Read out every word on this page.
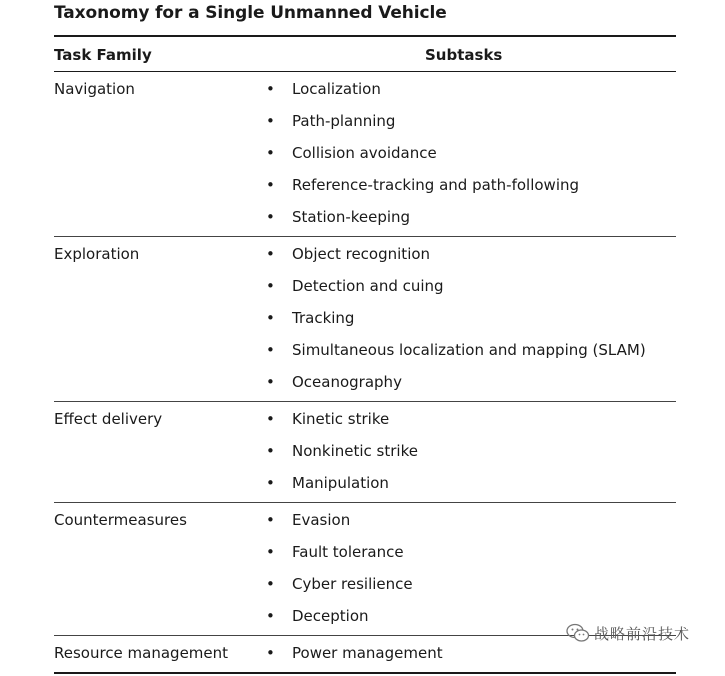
Taxonomy for a Single Unmanned Vehicle
Task Family	Subtasks
Navigation	• Localization
• Path-planning
• Collision avoidance
• Reference-tracking and path-following
• Station-keeping
Exploration	• Object recognition
• Detection and cuing
• Tracking
• Simultaneous localization and mapping (SLAM)
• Oceanography
Effect delivery	• Kinetic strike
• Nonkinetic strike
• Manipulation
Countermeasures	• Evasion
• Fault tolerance
• Cyber resilience
• Deception
Resource management	• Power management
战略前沿技术
